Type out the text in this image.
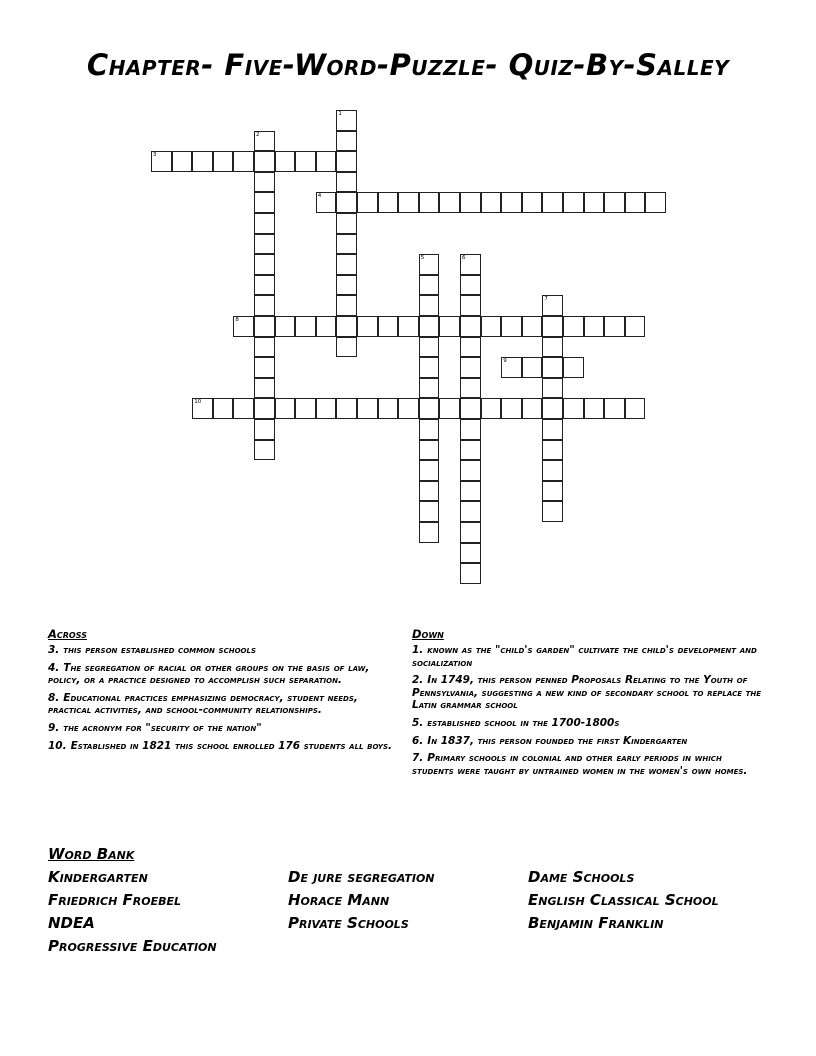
Chapter- Five-Word-Puzzle- Quiz-By-Salley
1
2
3
4
5	6
7
8
9
10
Across
3. this person established common schools
4. The segregation of racial or other groups on the basis of law, policy, or a practice designed to accomplish such separation.
8. Educational practices emphasizing democracy, student needs, practical activities, and school-community relationships.
9. the acronym for "security of the nation"
10. Established in 1821 this school enrolled 176 students all boys.
Down
1. known as the "child's garden" cultivate the child's development and socialization
2. In 1749, this person penned Proposals Relating to the Youth of Pennsylvania, suggesting a new kind of secondary school to replace the Latin grammar school
5. established school in the 1700-1800s
6. In 1837, this person founded the first Kindergarten
7. Primary schools in colonial and other early periods in which students were taught by untrained women in the women's own homes.
Word Bank
Kindergarten	De jure segregation	Dame Schools
Friedrich Froebel	Horace Mann	English Classical School
NDEA	Private Schools	Benjamin Franklin
Progressive Education
